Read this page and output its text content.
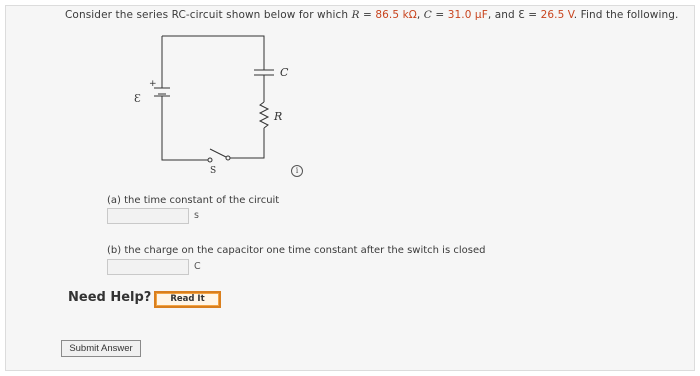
Consider the series RC-circuit shown below for which R = 86.5 kΩ, C = 31.0 µF, and Ɛ = 26.5 V. Find the following.
C
R
Ɛ
+
S	i
(a) the time constant of the circuit
s
(b) the charge on the capacitor one time constant after the switch is closed
C
Need Help?	Read It
Submit Answer
